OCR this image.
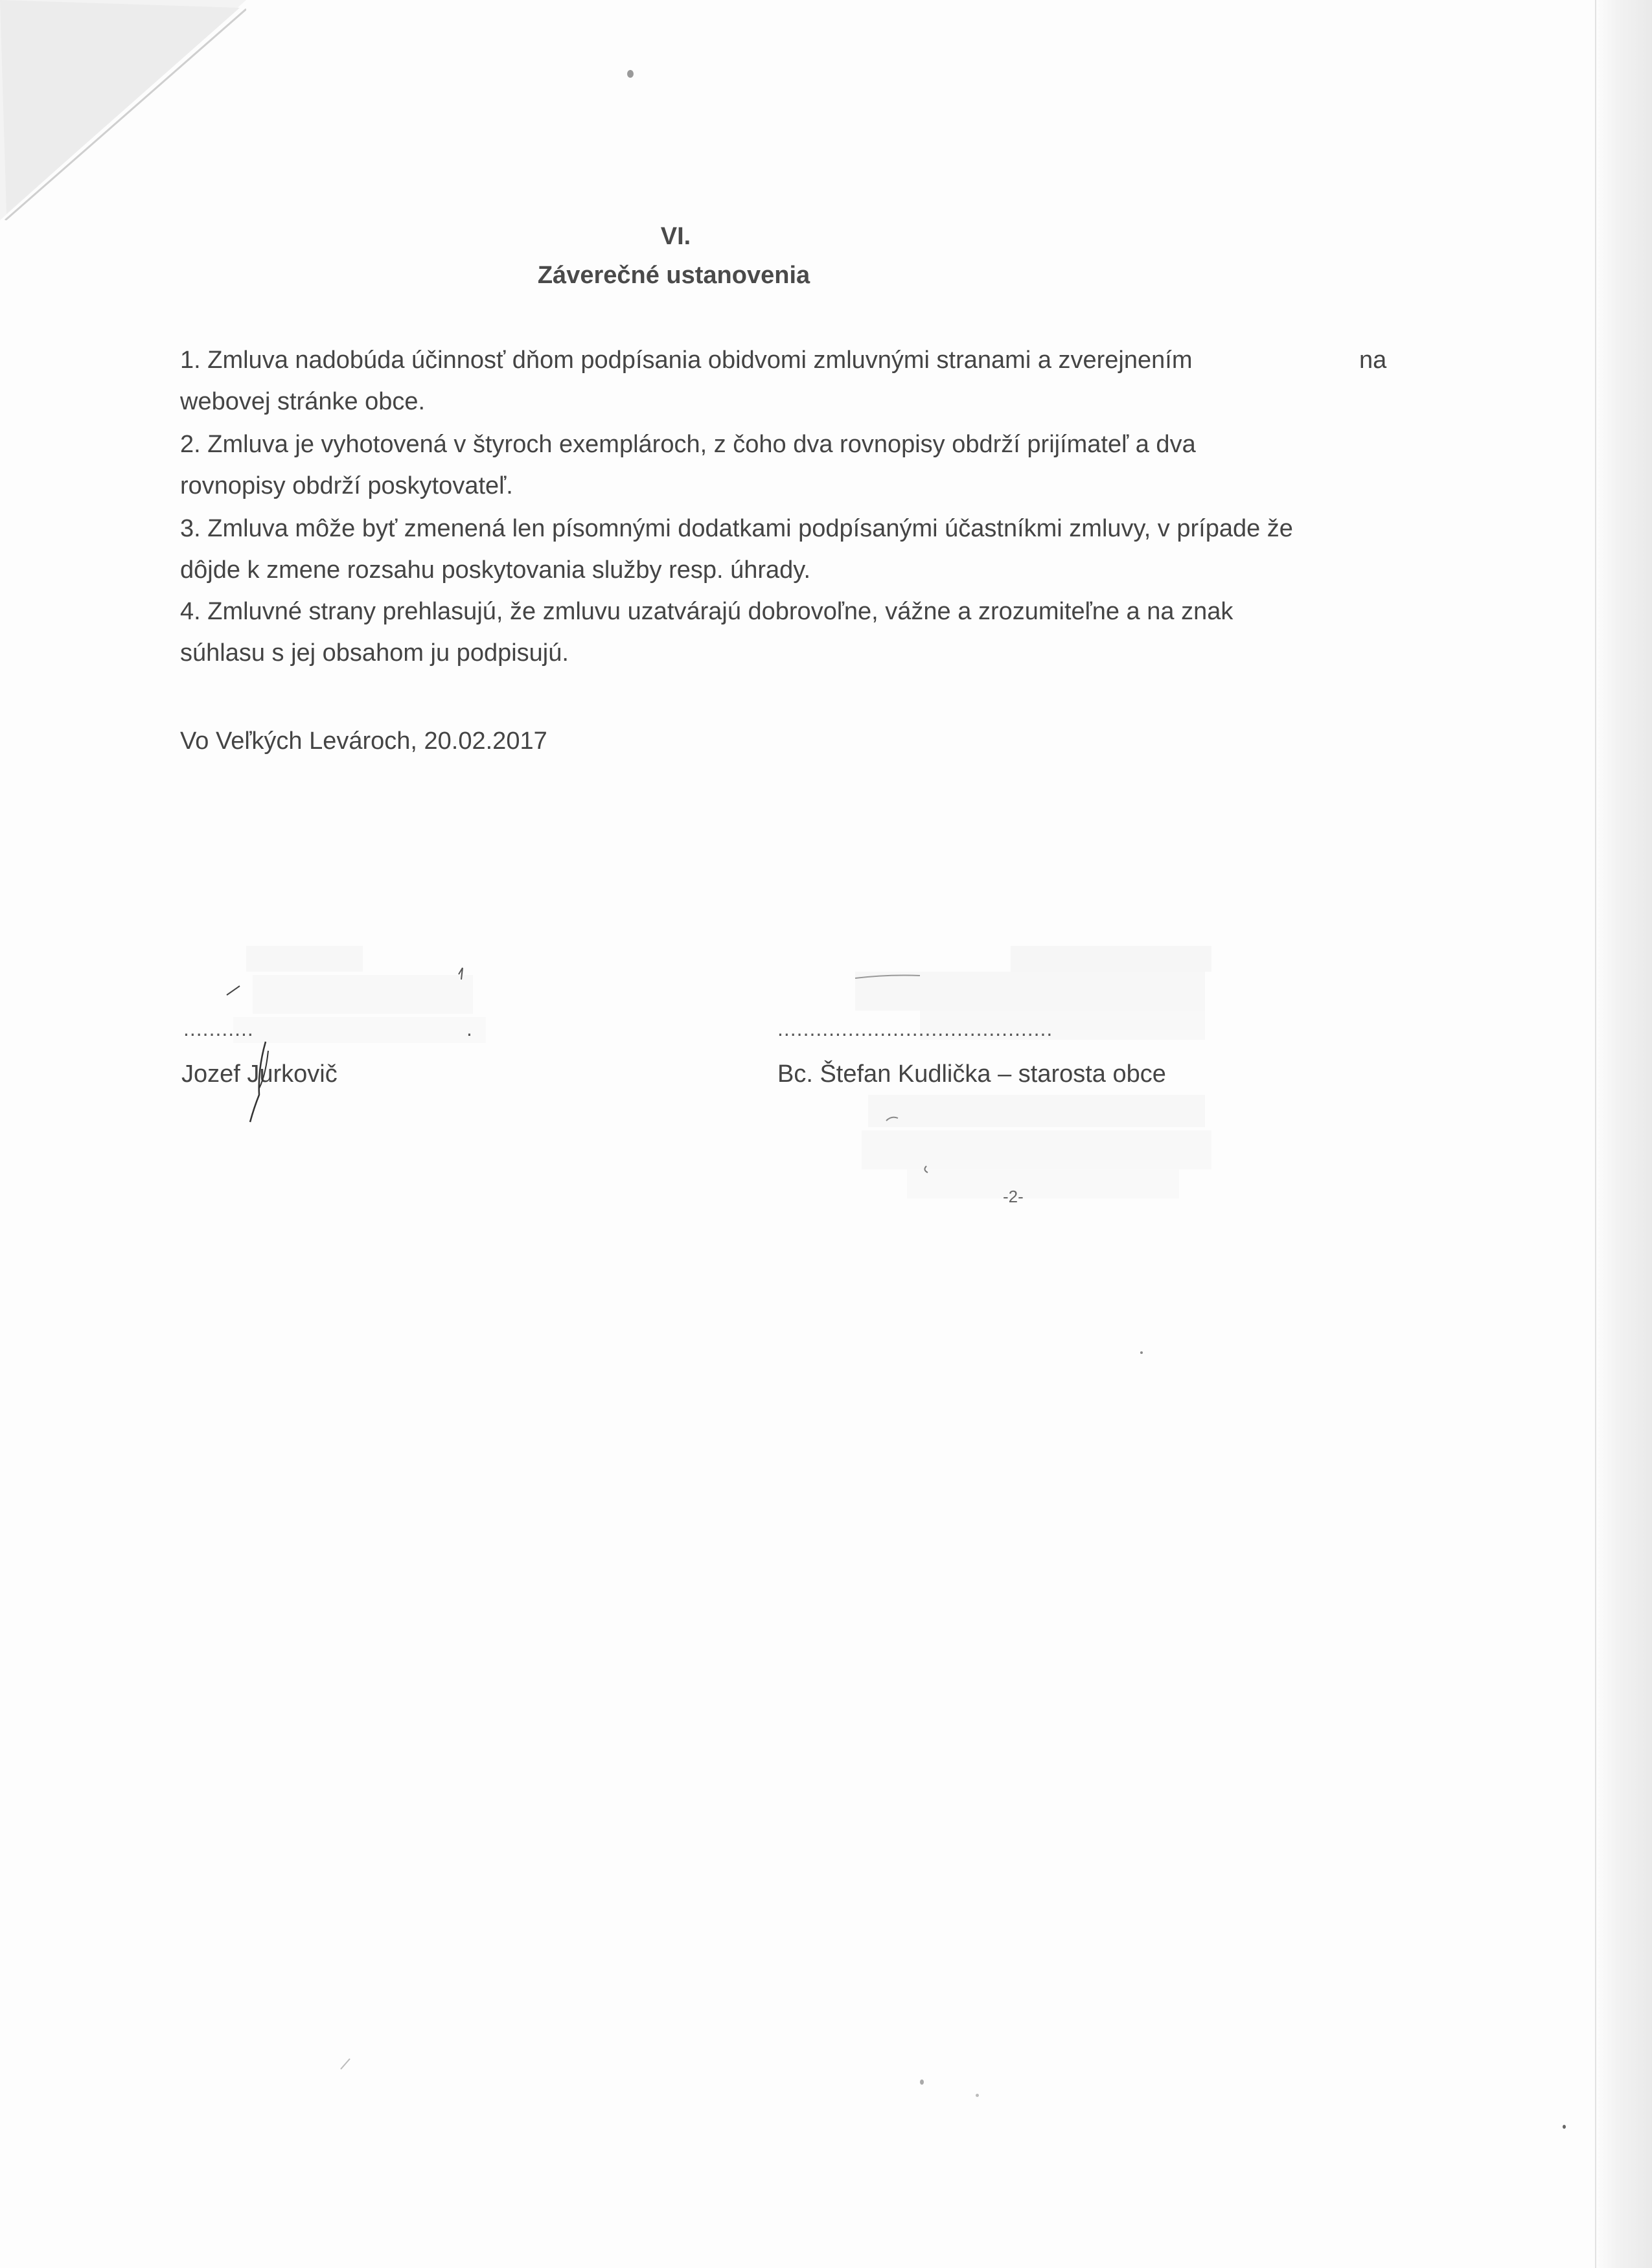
VI.
Záverečné ustanovenia
1. Zmluva nadobúda účinnosť dňom podpísania obidvomi zmluvnými stranami a zverejnením
webovej stránke obce.
na
2. Zmluva je vyhotovená v štyroch exemplároch, z čoho dva rovnopisy obdrží prijímateľ a dva
rovnopisy obdrží poskytovateľ.
3. Zmluva môže byť zmenená len písomnými dodatkami podpísanými účastníkmi zmluvy, v prípade že
dôjde k zmene rozsahu poskytovania služby resp. úhrady.
4. Zmluvné strany prehlasujú, že zmluvu uzatvárajú dobrovoľne, vážne a zrozumiteľne a na znak
súhlasu s jej obsahom ju podpisujú.
Vo Veľkých Levároch, 20.02.2017
...........	.	...........................................
Jozef Jurkovič	Bc. Štefan Kudlička – starosta obce
-2-
